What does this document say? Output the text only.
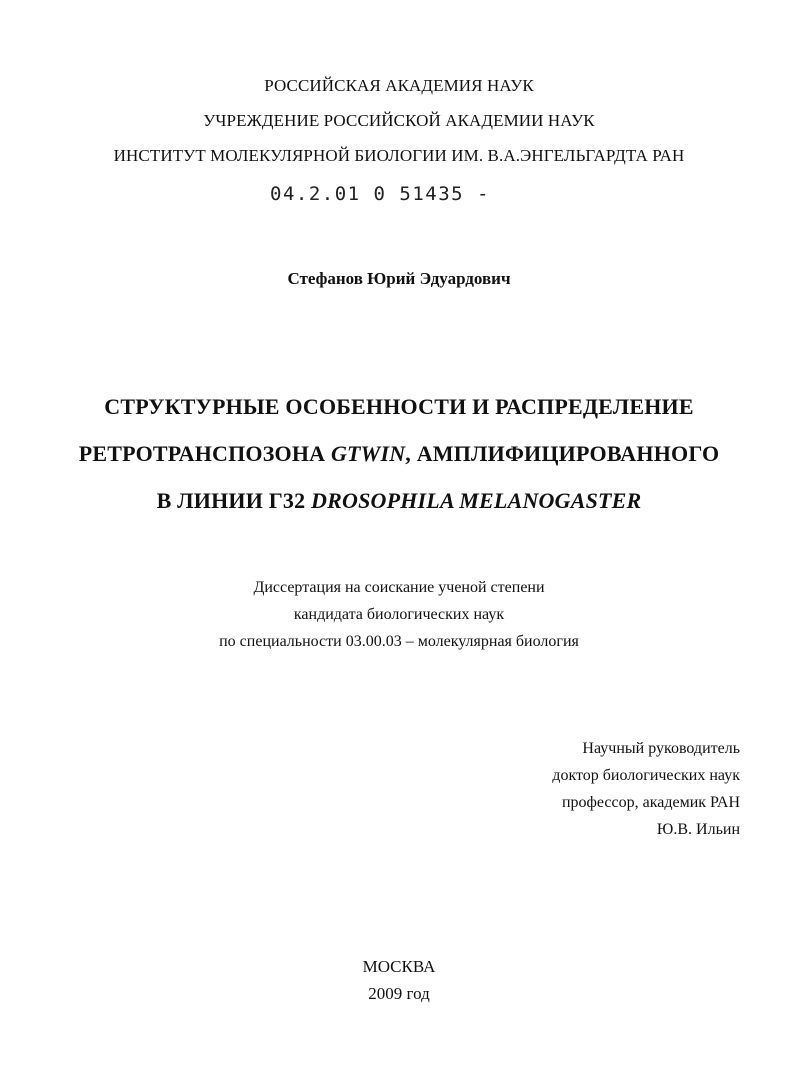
РОССИЙСКАЯ АКАДЕМИЯ НАУК
УЧРЕЖДЕНИЕ РОССИЙСКОЙ АКАДЕМИИ НАУК
ИНСТИТУТ МОЛЕКУЛЯРНОЙ БИОЛОГИИ ИМ. В.А.ЭНГЕЛЬГАРДТА РАН
04.2.01 0 51435 -
Стефанов Юрий Эдуардович
СТРУКТУРНЫЕ ОСОБЕННОСТИ И РАСПРЕДЕЛЕНИЕ
РЕТРОТРАНСПОЗОНА GTWIN, АМПЛИФИЦИРОВАННОГО
В ЛИНИИ Г32 DROSOPHILA MELANOGASTER
Диссертация на соискание ученой степени
кандидата биологических наук
по специальности 03.00.03 – молекулярная биология
Научный руководитель
доктор биологических наук
профессор, академик РАН
Ю.В. Ильин
МОСКВА
2009 год
